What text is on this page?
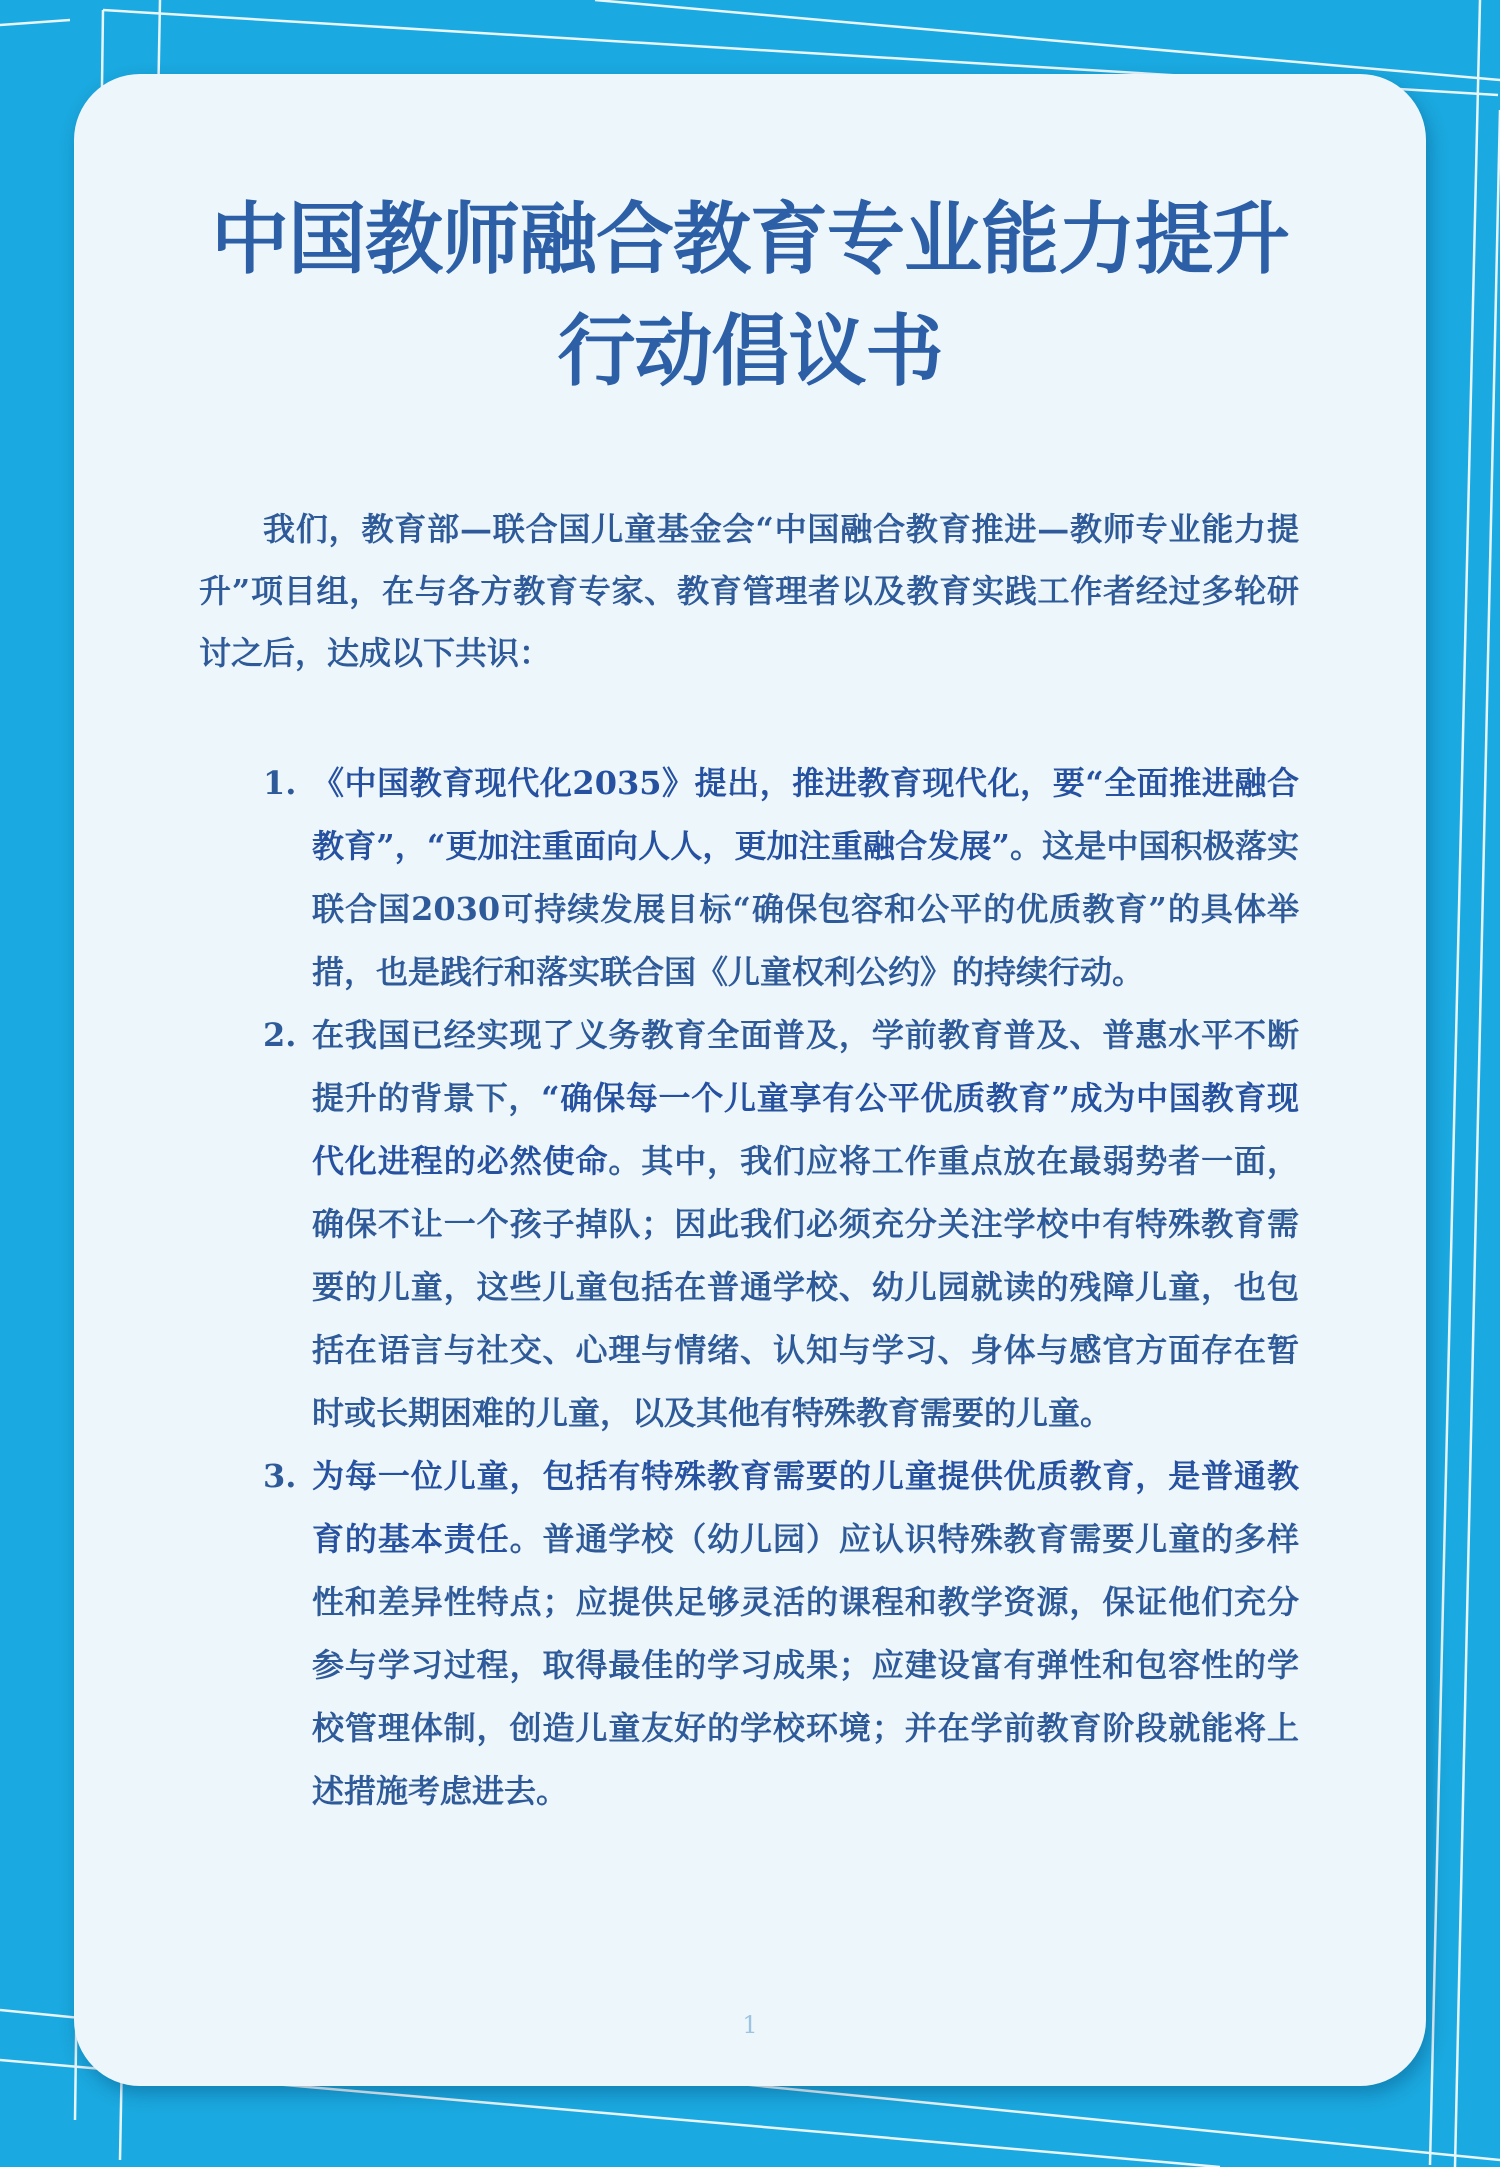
中国教师融合教育专业能力提升
行动倡议书
我们，教育部—联合国儿童基金会“中国融合教育推进—教师专业能力提升”项目组，在与各方教育专家、教育管理者以及教育实践工作者经过多轮研讨之后，达成以下共识：
1. 《中国教育现代化2035》提出，推进教育现代化，要“全面推进融合教育”，“更加注重面向人人，更加注重融合发展”。这是中国积极落实联合国2030可持续发展目标“确保包容和公平的优质教育”的具体举措，也是践行和落实联合国《儿童权利公约》的持续行动。
2. 在我国已经实现了义务教育全面普及，学前教育普及、普惠水平不断提升的背景下，“确保每一个儿童享有公平优质教育”成为中国教育现代化进程的必然使命。其中，我们应将工作重点放在最弱势者一面，确保不让一个孩子掉队；因此我们必须充分关注学校中有特殊教育需要的儿童，这些儿童包括在普通学校、幼儿园就读的残障儿童，也包括在语言与社交、心理与情绪、认知与学习、身体与感官方面存在暂时或长期困难的儿童，以及其他有特殊教育需要的儿童。
3. 为每一位儿童，包括有特殊教育需要的儿童提供优质教育，是普通教育的基本责任。普通学校（幼儿园）应认识特殊教育需要儿童的多样性和差异性特点；应提供足够灵活的课程和教学资源，保证他们充分参与学习过程，取得最佳的学习成果；应建设富有弹性和包容性的学校管理体制，创造儿童友好的学校环境；并在学前教育阶段就能将上述措施考虑进去。
1
